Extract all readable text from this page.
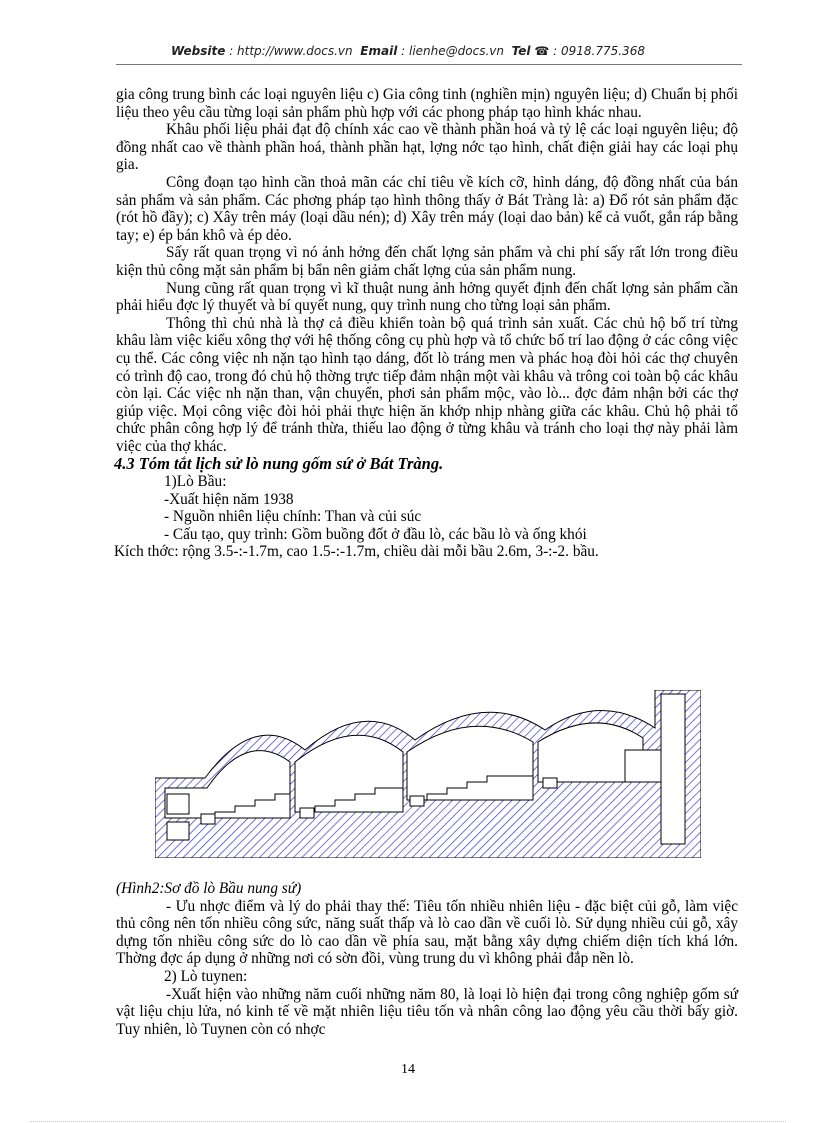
Website : http://www.docs.vn Email : lienhe@docs.vn Tel ☎ : 0918.775.368

gia công trung bình các loại nguyên liệu c) Gia công tinh (nghiền mịn) nguyên liệu; d) Chuẩn bị phối liệu theo yêu cầu từng loại sản phẩm phù hợp với các phong pháp tạo hình khác nhau.

Khâu phối liệu phải đạt độ chính xác cao về thành phần hoá và tỷ lệ các loại nguyên liệu; độ đồng nhất cao về thành phần hoá, thành phần hạt, lợng nớc tạo hình, chất điện giải hay các loại phụ gia.

Công đoạn tạo hình cần thoả mãn các chỉ tiêu về kích cỡ, hình dáng, độ đồng nhất của bán sản phẩm và sản phẩm. Các phơng pháp tạo hình thông thấy ở Bát Tràng là: a) Đổ rót sản phẩm đặc (rót hồ đầy); c) Xây trên máy (loại dầu nén); d) Xây trên máy (loại dao bản) kể cả vuốt, gắn ráp bằng tay; e) ép bán khô và ép dẻo.

Sấy rất quan trọng vì nó ảnh hởng đến chất lợng sản phẩm và chi phí sấy rất lớn trong điều kiện thủ công mặt sản phẩm bị bẩn nên giảm chất lợng của sản phẩm nung.

Nung cũng rất quan trọng vì kĩ thuật nung ảnh hởng quyết định đến chất lợng sản phẩm cần phải hiểu đợc lý thuyết và bí quyết nung, quy trình nung cho từng loại sản phẩm.

Thông thì chủ nhà là thợ cả điều khiển toàn bộ quá trình sản xuất. Các chủ hộ bố trí từng khâu làm việc kiểu xông thợ với hệ thống công cụ phù hợp và tổ chức bố trí lao động ở các công việc cụ thể. Các công việc nh nặn tạo hình tạo dáng, đốt lò tráng men và phác hoạ đòi hỏi các thợ chuyên có trình độ cao, trong đó chủ hộ thờng trực tiếp đảm nhận một vài khâu và trông coi toàn bộ các khâu còn lại. Các việc nh nặn than, vận chuyển, phơi sản phẩm mộc, vào lò... đợc đảm nhận bởi các thợ giúp việc. Mọi công việc đòi hỏi phải thực hiện ăn khớp nhịp nhàng giữa các khâu. Chủ hộ phải tổ chức phân công hợp lý để tránh thừa, thiếu lao động ở từng khâu và tránh cho loại thợ này phải làm việc của thợ khác.

4.3 Tóm tắt lịch sử lò nung gốm sứ ở Bát Tràng.

1)Lò Bầu:

-Xuất hiện năm 1938

- Nguồn nhiên liệu chính: Than và củi súc

- Cấu tạo, quy trình: Gồm buồng đốt ở đầu lò, các bầu lò và ống khói

Kích thớc: rộng 3.5-:-1.7m, cao 1.5-:-1.7m, chiều dài mỗi bầu 2.6m, 3-:-2. bầu.

(Hình2:Sơ đồ lò Bầu nung sứ)

- Ưu nhợc điểm và lý do phải thay thế: Tiêu tốn nhiều nhiên liệu - đặc biệt củi gỗ, làm việc thủ công nên tốn nhiều công sức, năng suất thấp và lò cao dần về cuối lò. Sử dụng nhiều củi gỗ, xây dựng tốn nhiều công sức do lò cao dần về phía sau, mặt bằng xây dựng chiếm diện tích khá lớn. Thờng đợc áp dụng ở những nơi có sờn đồi, vùng trung du vì không phải đắp nền lò.

2) Lò tuynen:

-Xuất hiện vào những năm cuối những năm 80, là loại lò hiện đại trong công nghiệp gốm sứ vật liệu chịu lửa, nó kinh tế về mặt nhiên liệu tiêu tốn và nhân công lao động yêu cầu thời bấy giờ. Tuy nhiên, lò Tuynen còn có nhợc

14
